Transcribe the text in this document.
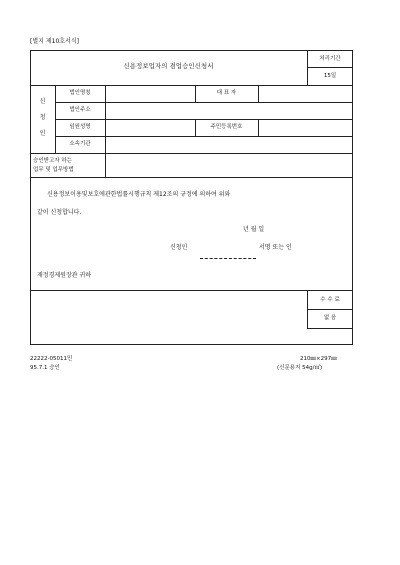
[별지 제10호서식]
신용정보업자의 겸업승인신청서
처리기간
15일
신
청
인
법인명칭	대 표 자
법인주소
임원성명	주민등록번호
소속기관
승인받고자 하는
업무 및 업무방법
신용정보이용및보호에관한법률시행규칙 제12조의 규정에 의하여 위와
같이 신청합니다.
년 월 일
신청인	서명 또는 인
재정경제원장관 귀하
수 수 료
없 음
22222-05011민
95.7.1 승인
210㎜×297㎜
(신문용지 54g/㎡)
